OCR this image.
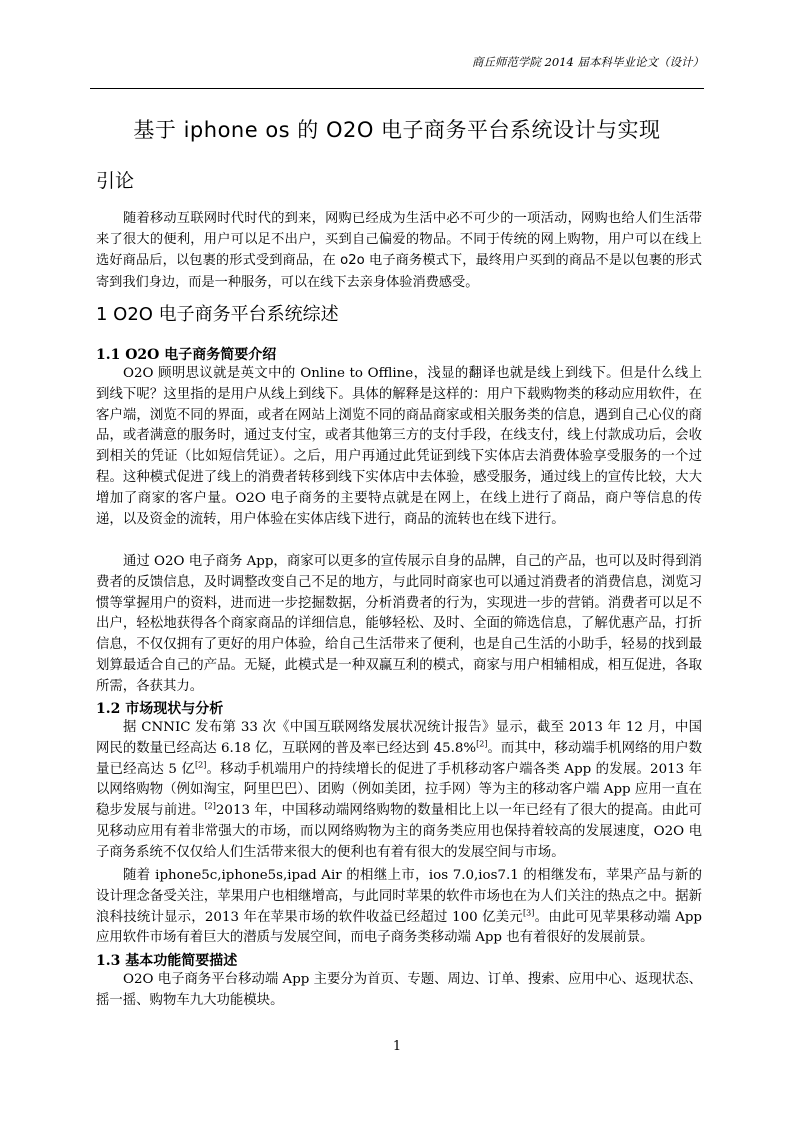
商丘师范学院 2014 届本科毕业论文（设计）
基于 iphone os 的 O2O 电子商务平台系统设计与实现
引论

随着移动互联网时代时代的到来，网购已经成为生活中必不可少的一项活动，网购也给人们生活带来了很大的便利，用户可以足不出户，买到自己偏爱的物品。不同于传统的网上购物，用户可以在线上选好商品后，以包裹的形式受到商品，在 o2o 电子商务模式下，最终用户买到的商品不是以包裹的形式寄到我们身边，而是一种服务，可以在线下去亲身体验消费感受。

1 O2O 电子商务平台系统综述
1.1 O2O 电子商务简要介绍

O2O 顾明思议就是英文中的 Online to Offline，浅显的翻译也就是线上到线下。但是什么线上到线下呢？这里指的是用户从线上到线下。具体的解释是这样的：用户下载购物类的移动应用软件，在客户端，浏览不同的界面，或者在网站上浏览不同的商品商家或相关服务类的信息，遇到自己心仪的商品，或者满意的服务时，通过支付宝，或者其他第三方的支付手段，在线支付，线上付款成功后，会收到相关的凭证（比如短信凭证）。之后，用户再通过此凭证到线下实体店去消费体验享受服务的一个过程。这种模式促进了线上的消费者转移到线下实体店中去体验，感受服务，通过线上的宣传比较，大大增加了商家的客户量。O2O 电子商务的主要特点就是在网上，在线上进行了商品，商户等信息的传递，以及资金的流转，用户体验在实体店线下进行，商品的流转也在线下进行。

通过 O2O 电子商务 App，商家可以更多的宣传展示自身的品牌，自己的产品，也可以及时得到消费者的反馈信息，及时调整改变自己不足的地方，与此同时商家也可以通过消费者的消费信息，浏览习惯等掌握用户的资料，进而进一步挖掘数据，分析消费者的行为，实现进一步的营销。消费者可以足不出户，轻松地获得各个商家商品的详细信息，能够轻松、及时、全面的筛选信息，了解优惠产品，打折信息，不仅仅拥有了更好的用户体验，给自己生活带来了便利，也是自己生活的小助手，轻易的找到最划算最适合自己的产品。无疑，此模式是一种双赢互利的模式，商家与用户相辅相成，相互促进，各取所需，各获其力。

1.2 市场现状与分析

据 CNNIC 发布第 33 次《中国互联网络发展状况统计报告》显示，截至 2013 年 12 月，中国网民的数量已经高达 6.18 亿，互联网的普及率已经达到 45.8%[2]。而其中，移动端手机网络的用户数量已经高达 5 亿[2]。移动手机端用户的持续增长的促进了手机移动客户端各类 App 的发展。2013 年以网络购物（例如淘宝，阿里巴巴）、团购（例如美团，拉手网）等为主的移动客户端 App 应用一直在稳步发展与前进。[2]2013 年，中国移动端网络购物的数量相比上以一年已经有了很大的提高。由此可见移动应用有着非常强大的市场，而以网络购物为主的商务类应用也保持着较高的发展速度，O2O 电子商务系统不仅仅给人们生活带来很大的便利也有着有很大的发展空间与市场。

随着 iphone5c,iphone5s,ipad Air 的相继上市，ios 7.0,ios7.1 的相继发布，苹果产品与新的设计理念备受关注，苹果用户也相继增高，与此同时苹果的软件市场也在为人们关注的热点之中。据新浪科技统计显示，2013 年在苹果市场的软件收益已经超过 100 亿美元[3]。由此可见苹果移动端 App 应用软件市场有着巨大的潜质与发展空间，而电子商务类移动端 App 也有着很好的发展前景。

1.3 基本功能简要描述

O2O 电子商务平台移动端 App 主要分为首页、专题、周边、订单、搜索、应用中心、返现状态、摇一摇、购物车九大功能模块。

1
